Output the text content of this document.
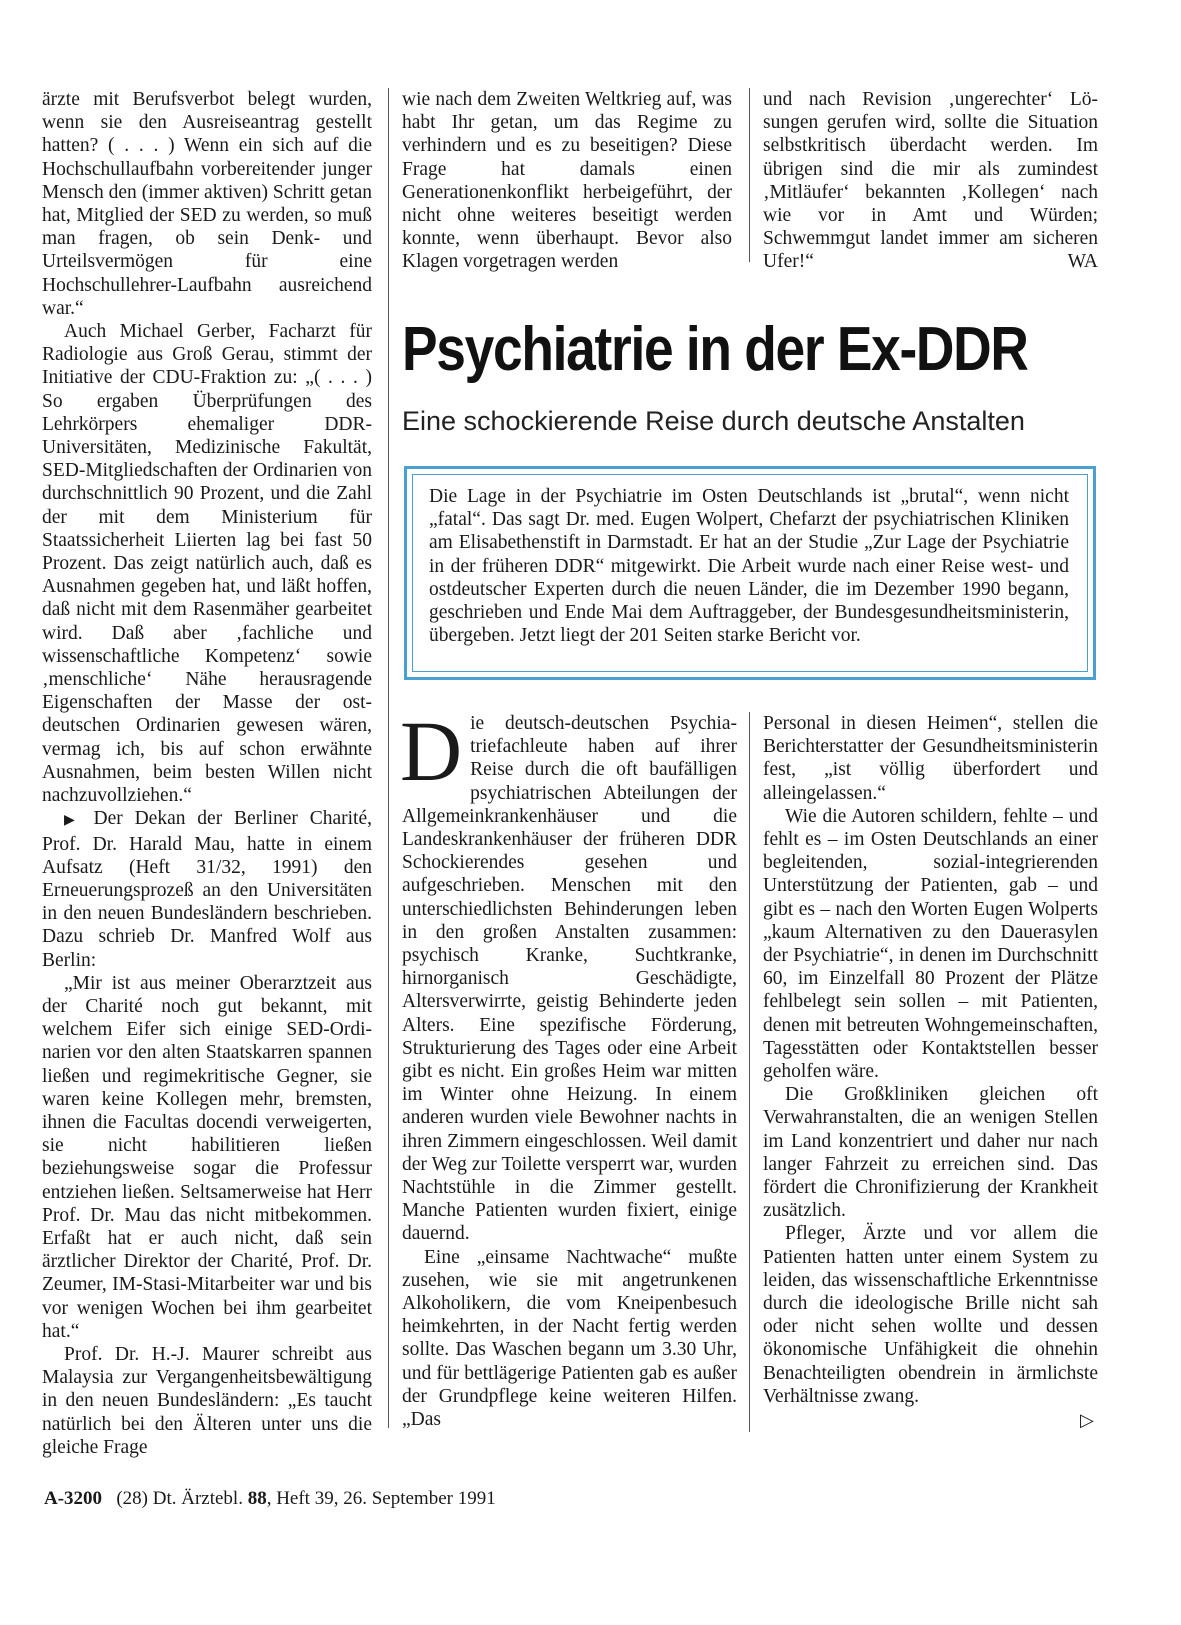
ärzte mit Berufsverbot belegt wurden, wenn sie den Ausreiseantrag gestellt hatten? ( . . . ) Wenn ein sich auf die Hochschullaufbahn vorbereitender junger Mensch den (immer aktiven) Schritt getan hat, Mitglied der SED zu werden, so muß man fragen, ob sein Denk- und Urteilsvermögen für eine Hochschullehrer-Laufbahn ausreichend war.“

Auch Michael Gerber, Facharzt für Radiologie aus Groß Gerau, stimmt der Initiative der CDU-Fraktion zu: „( . . . ) So ergaben Überprüfungen des Lehrkörpers ehemaliger DDR-Universitäten, Medizinische Fakultät, SED-Mitgliedschaften der Ordinarien von durchschnittlich 90 Prozent, und die Zahl der mit dem Ministerium für Staatssicherheit Liierten lag bei fast 50 Prozent. Das zeigt natürlich auch, daß es Ausnahmen gegeben hat, und läßt hoffen, daß nicht mit dem Rasenmäher gearbeitet wird. Daß aber ‚fachliche und wissenschaftliche Kompetenz‘ sowie ‚menschliche‘ Nähe herausragende Eigenschaften der Masse der ostdeutschen Ordinarien gewesen wären, vermag ich, bis auf schon erwähnte Ausnahmen, beim besten Willen nicht nachzuvollziehen.“

▶ Der Dekan der Berliner Charité, Prof. Dr. Harald Mau, hatte in einem Aufsatz (Heft 31/32, 1991) den Erneuerungsprozeß an den Universitäten in den neuen Bundesländern beschrieben. Dazu schrieb Dr. Manfred Wolf aus Berlin:

„Mir ist aus meiner Oberarztzeit aus der Charité noch gut bekannt, mit welchem Eifer sich einige SED-Ordinarien vor den alten Staatskarren spannen ließen und regimekritische Gegner, sie waren keine Kollegen mehr, bremsten, ihnen die Facultas docendi verweigerten, sie nicht habilitieren ließen beziehungsweise sogar die Professur entziehen ließen. Seltsamerweise hat Herr Prof. Dr. Mau das nicht mitbekommen. Erfaßt hat er auch nicht, daß sein ärztlicher Direktor der Charité, Prof. Dr. Zeumer, IM-Stasi-Mitarbeiter war und bis vor wenigen Wochen bei ihm gearbeitet hat.“

Prof. Dr. H.-J. Maurer schreibt aus Malaysia zur Vergangenheitsbewältigung in den neuen Bundesländern: „Es taucht natürlich bei den Älteren unter uns die gleiche Frage

wie nach dem Zweiten Weltkrieg auf, was habt Ihr getan, um das Regime zu verhindern und es zu beseitigen? Diese Frage hat damals einen Generationenkonflikt herbeigeführt, der nicht ohne weiteres beseitigt werden konnte, wenn überhaupt. Bevor also Klagen vorgetragen werden

und nach Revision ‚ungerechter‘ Lösungen gerufen wird, sollte die Situation selbstkritisch überdacht werden. Im übrigen sind die mir als zumindest ‚Mitläufer‘ bekannten ‚Kollegen‘ nach wie vor in Amt und Würden; Schwemmgut landet immer am sicheren Ufer!“	WA

Psychiatrie in der Ex-DDR
Eine schockierende Reise durch deutsche Anstalten

Die Lage in der Psychiatrie im Osten Deutschlands ist „brutal“, wenn nicht „fatal“. Das sagt Dr. med. Eugen Wolpert, Chefarzt der psychiatrischen Kliniken am Elisabethenstift in Darmstadt. Er hat an der Studie „Zur Lage der Psychiatrie in der früheren DDR“ mitgewirkt. Die Arbeit wurde nach einer Reise west- und ostdeutscher Experten durch die neuen Länder, die im Dezember 1990 begann, geschrieben und Ende Mai dem Auftraggeber, der Bundesgesundheitsministerin, übergeben. Jetzt liegt der 201 Seiten starke Bericht vor.

Die deutsch-deutschen Psychiatriefachleute haben auf ihrer Reise durch die oft baufälligen psychiatrischen Abteilungen der Allgemeinkrankenhäuser und die Landeskrankenhäuser der früheren DDR Schockierendes gesehen und aufgeschrieben. Menschen mit den unterschiedlichsten Behinderungen leben in den großen Anstalten zusammen: psychisch Kranke, Suchtkranke, hirnorganisch Geschädigte, Altersverwirrte, geistig Behinderte jeden Alters. Eine spezifische Förderung, Strukturierung des Tages oder eine Arbeit gibt es nicht. Ein großes Heim war mitten im Winter ohne Heizung. In einem anderen wurden viele Bewohner nachts in ihren Zimmern eingeschlossen. Weil damit der Weg zur Toilette versperrt war, wurden Nachtstühle in die Zimmer gestellt. Manche Patienten wurden fixiert, einige dauernd.

Eine „einsame Nachtwache“ mußte zusehen, wie sie mit angetrunkenen Alkoholikern, die vom Kneipenbesuch heimkehrten, in der Nacht fertig werden sollte. Das Waschen begann um 3.30 Uhr, und für bettlägerige Patienten gab es außer der Grundpflege keine weiteren Hilfen. „Das

Personal in diesen Heimen“, stellen die Berichterstatter der Gesundheitsministerin fest, „ist völlig überfordert und alleingelassen.“

Wie die Autoren schildern, fehlte – und fehlt es – im Osten Deutschlands an einer begleitenden, sozial-integrierenden Unterstützung der Patienten, gab – und gibt es – nach den Worten Eugen Wolperts „kaum Alternativen zu den Dauerasylen der Psychiatrie“, in denen im Durchschnitt 60, im Einzelfall 80 Prozent der Plätze fehlbelegt sein sollen – mit Patienten, denen mit betreuten Wohngemeinschaften, Tagesstätten oder Kontaktstellen besser geholfen wäre.

Die Großkliniken gleichen oft Verwahranstalten, die an wenigen Stellen im Land konzentriert und daher nur nach langer Fahrzeit zu erreichen sind. Das fördert die Chronifizierung der Krankheit zusätzlich.

Pfleger, Ärzte und vor allem die Patienten hatten unter einem System zu leiden, das wissenschaftliche Erkenntnisse durch die ideologische Brille nicht sah oder nicht sehen wollte und dessen ökonomische Unfähigkeit die ohnehin Benachteiligten obendrein in ärmlichste Verhältnisse zwang.

▷
A-3200 (28) Dt. Ärztebl. 88, Heft 39, 26. September 1991
